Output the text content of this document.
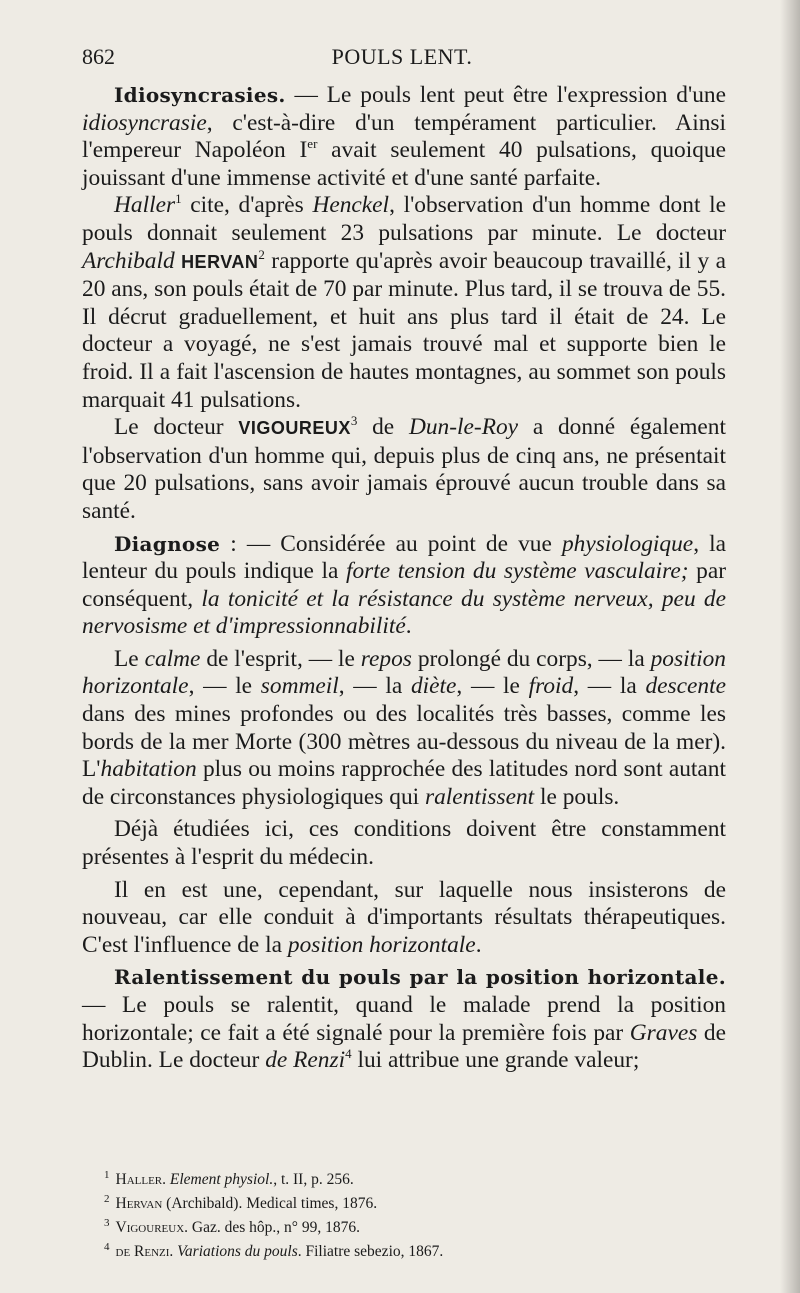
862	POULS LENT.

Idiosyncrasies. — Le pouls lent peut être l'expression d'une idiosyncrasie, c'est-à-dire d'un tempérament particulier. Ainsi l'empereur Napoléon Ier avait seulement 40 pulsations, quoique jouissant d'une immense activité et d'une santé parfaite.

Haller$^1$ cite, d'après Henckel, l'observation d'un homme dont le pouls donnait seulement 23 pulsations par minute. Le docteur Archibald HERVAN$^2$ rapporte qu'après avoir beaucoup travaillé, il y a 20 ans, son pouls était de 70 par minute. Plus tard, il se trouva de 55. Il décrut graduellement, et huit ans plus tard il était de 24. Le docteur a voyagé, ne s'est jamais trouvé mal et supporte bien le froid. Il a fait l'ascension de hautes montagnes, au sommet son pouls marquait 41 pulsations.

Le docteur VIGOUREUX$^3$ de Dun-le-Roy a donné également l'observation d'un homme qui, depuis plus de cinq ans, ne présentait que 20 pulsations, sans avoir jamais éprouvé aucun trouble dans sa santé.

Diagnose : — Considérée au point de vue physiologique, la lenteur du pouls indique la forte tension du système vasculaire; par conséquent, la tonicité et la résistance du système nerveux, peu de nervosisme et d'impressionnabilité.

Le calme de l'esprit, — le repos prolongé du corps, — la position horizontale, — le sommeil, — la diète, — le froid, — la descente dans des mines profondes ou des localités très basses, comme les bords de la mer Morte (300 mètres au-dessous du niveau de la mer). L'habitation plus ou moins rapprochée des latitudes nord sont autant de circonstances physiologiques qui ralentissent le pouls.

Déjà étudiées ici, ces conditions doivent être constamment présentes à l'esprit du médecin.

Il en est une, cependant, sur laquelle nous insisterons de nouveau, car elle conduit à d'importants résultats thérapeutiques. C'est l'influence de la position horizontale.

Ralentissement du pouls par la position horizontale. — Le pouls se ralentit, quand le malade prend la position horizontale; ce fait a été signalé pour la première fois par Graves de Dublin. Le docteur de Renzi$^4$ lui attribue une grande valeur;

$^1$ Haller. Element physiol., t. II, p. 256.
$^2$ Hervan (Archibald). Medical times, 1876.
$^3$ Vigoureux. Gaz. des hôp., n° 99, 1876.
$^4$ de Renzi. Variations du pouls. Filiatre sebezio, 1867.
